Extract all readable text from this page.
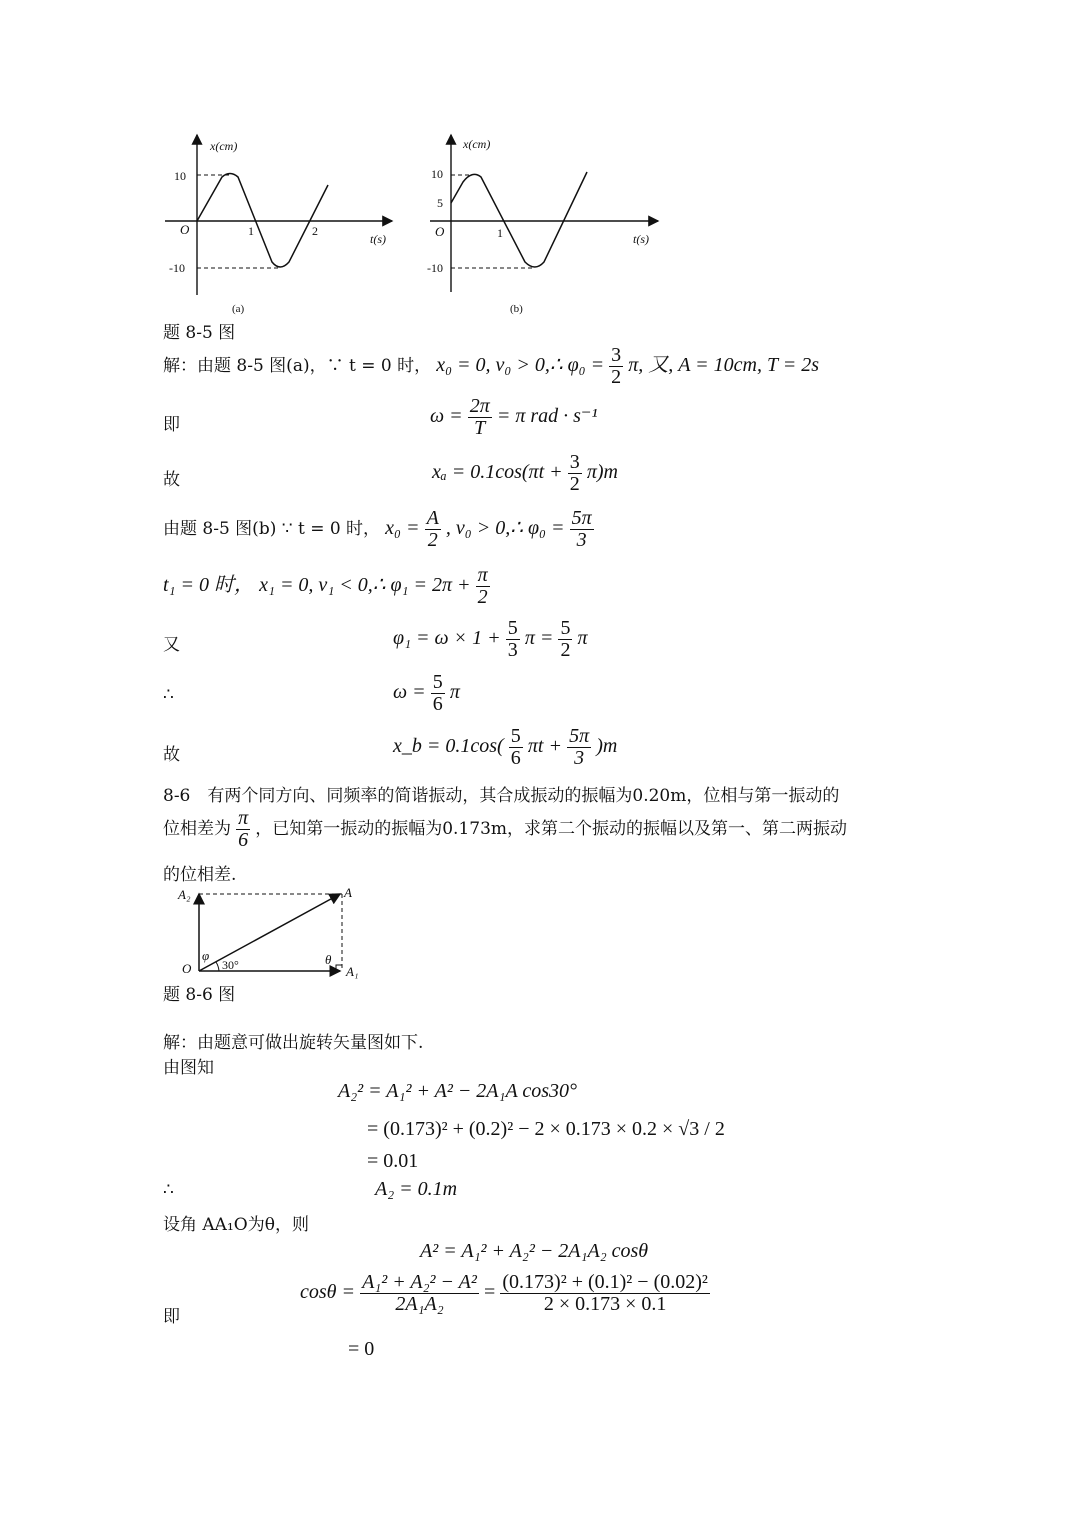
x(cm)
10
-10
O	1	2
t(s)
(a)
x(cm)
10
5
-10
O	1	t(s)
(b)
题 8-5 图
解：由题 8-5 图(a)，∵ t = 0 时， x₀ = 0, v₀ > 0,∴ $\varphi_0 = \frac{3}{2} \pi$, 又, A = 10cm, T = 2s
即	$\omega = \frac{2\pi}{T} = \pi$ rad · s⁻¹
故	$x_a = 0.1\cos(\pi t + \frac{3}{2} \pi)m$
由题 8-5 图(b) ∵ t = 0 时， $x_0 = \frac{A}{2}$ , v₀ > 0,∴ $\varphi_0 = \frac{5\pi}{3}$
t₁ = 0 时， x₁ = 0, v₁ < 0,∴ $\varphi_1 = 2\pi + \frac{\pi}{2}$
又	$\varphi_1 = \omega \times 1 + \frac{5}{3}$ $\pi = \frac{5}{2}$ π
∴	$\omega = \frac{5}{6}$ π
故	x_b = $0.1\cos( \frac{5}{6}$ $\pi t + \frac{5\pi}{3} )m$
8-6　有两个同方向、同频率的简谐振动，其合成振动的振幅为0.20m，位相与第一振动的
位相差为 $\frac{\pi}{6}$ ，已知第一振动的振幅为0.173m，求第二个振动的振幅以及第一、第二两振动
的位相差.
A₂	A
O
φ
30°	θ
A₁
题 8-6 图
解：由题意可做出旋转矢量图如下.
由图知
A₂² = A₁² + A² − 2A₁A cos30°
= (0.173)² + (0.2)² − 2 × 0.173 × 0.2 × √3 / 2
= 0.01
∴	A₂ = 0.1m
设角 AA₁O为θ，则
A² = A₁² + A₂² − 2A₁A₂ cosθ
即
$\cos\theta = \frac{\text{A₁² + A₂² − A²}}{\text{2A₁A₂}} = \frac{\text{(0.173)² + (0.1)² − (0.02)²}}{2 \times 0.173 \times 0.1}$
= 0
